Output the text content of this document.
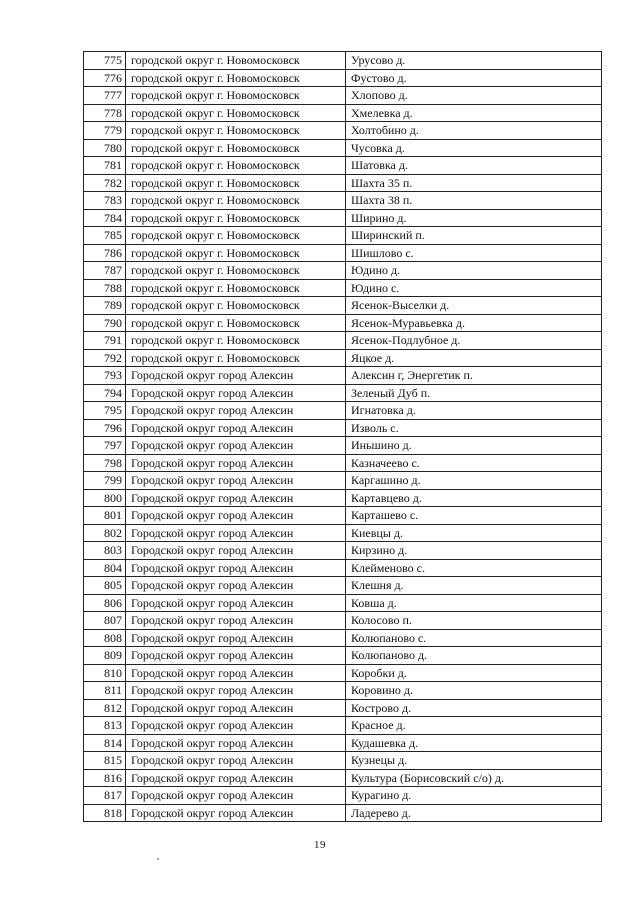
775	городской округ г. Новомосковск	Урусово д.
776	городской округ г. Новомосковск	Фустово д.
777	городской округ г. Новомосковск	Хлопово д.
778	городской округ г. Новомосковск	Хмелевка д.
779	городской округ г. Новомосковск	Холтобино д.
780	городской округ г. Новомосковск	Чусовка д.
781	городской округ г. Новомосковск	Шатовка д.
782	городской округ г. Новомосковск	Шахта 35 п.
783	городской округ г. Новомосковск	Шахта 38 п.
784	городской округ г. Новомосковск	Ширино д.
785	городской округ г. Новомосковск	Ширинский п.
786	городской округ г. Новомосковск	Шишлово с.
787	городской округ г. Новомосковск	Юдино д.
788	городской округ г. Новомосковск	Юдино с.
789	городской округ г. Новомосковск	Ясенок-Выселки д.
790	городской округ г. Новомосковск	Ясенок-Муравьевка д.
791	городской округ г. Новомосковск	Ясенок-Подлубное д.
792	городской округ г. Новомосковск	Яцкое д.
793	Городской округ город Алексин	Алексин г, Энергетик п.
794	Городской округ город Алексин	Зеленый Дуб п.
795	Городской округ город Алексин	Игнатовка д.
796	Городской округ город Алексин	Изволь с.
797	Городской округ город Алексин	Иньшино д.
798	Городской округ город Алексин	Казначеево с.
799	Городской округ город Алексин	Каргашино д.
800	Городской округ город Алексин	Картавцево д.
801	Городской округ город Алексин	Карташево с.
802	Городской округ город Алексин	Киевцы д.
803	Городской округ город Алексин	Кирзино д.
804	Городской округ город Алексин	Клейменово с.
805	Городской округ город Алексин	Клешня д.
806	Городской округ город Алексин	Ковша д.
807	Городской округ город Алексин	Колосово п.
808	Городской округ город Алексин	Колюпаново с.
809	Городской округ город Алексин	Колюпаново д.
810	Городской округ город Алексин	Коробки д.
811	Городской округ город Алексин	Коровино д.
812	Городской округ город Алексин	Кострово д.
813	Городской округ город Алексин	Красное д.
814	Городской округ город Алексин	Кудашевка д.
815	Городской округ город Алексин	Кузнецы д.
816	Городской округ город Алексин	Культура (Борисовский с/о) д.
817	Городской округ город Алексин	Курагино д.
818	Городской округ город Алексин	Ладерево д.
19
